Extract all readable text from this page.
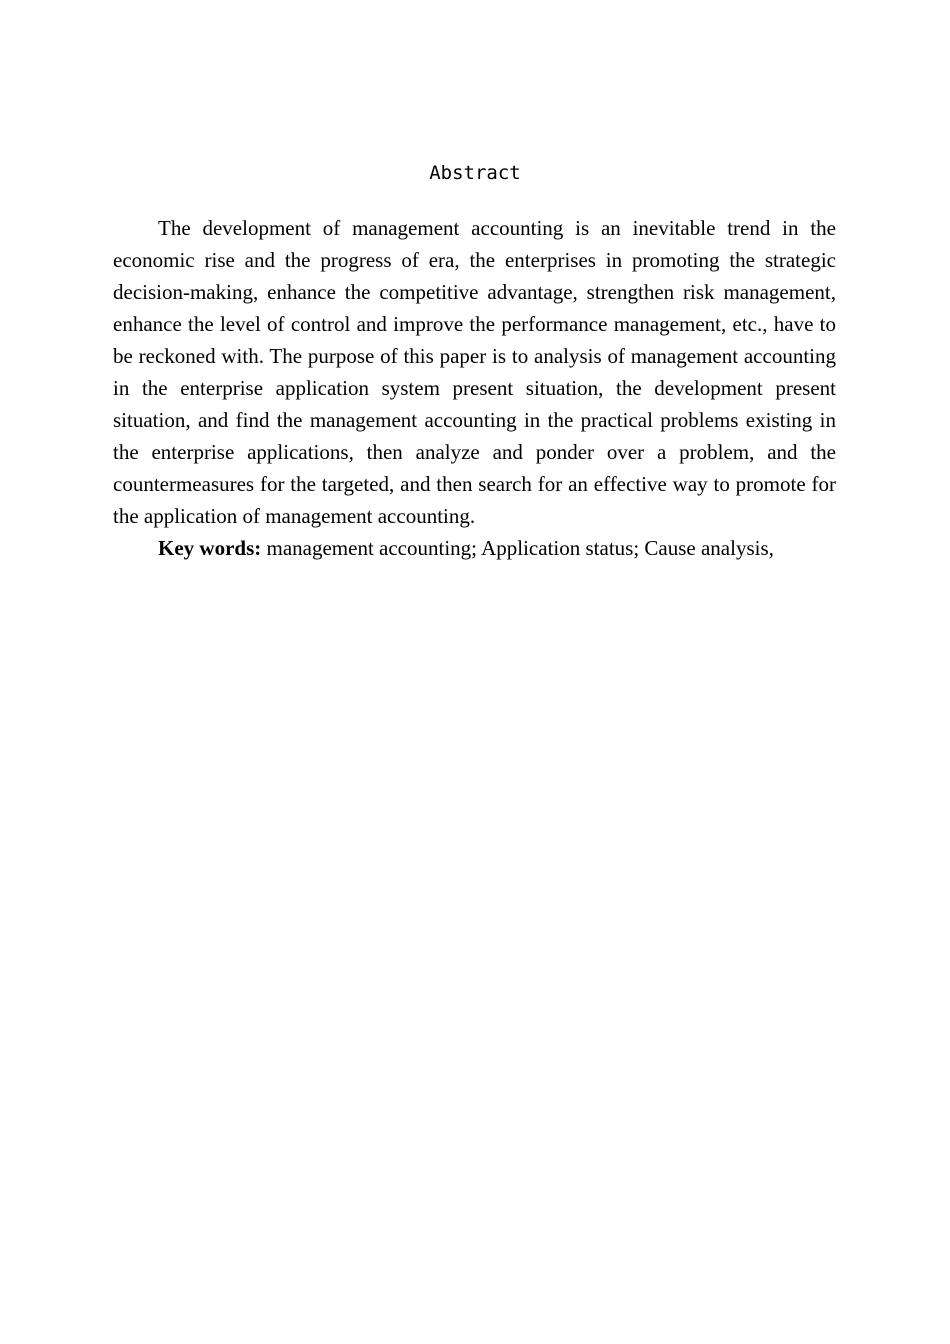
Abstract

The development of management accounting is an inevitable trend in the economic rise and the progress of era, the enterprises in promoting the strategic decision-making, enhance the competitive advantage, strengthen risk management, enhance the level of control and improve the performance management, etc., have to be reckoned with. The purpose of this paper is to analysis of management accounting in the enterprise application system present situation, the development present situation, and find the management accounting in the practical problems existing in the enterprise applications, then analyze and ponder over a problem, and the countermeasures for the targeted, and then search for an effective way to promote for the application of management accounting.

Key words: management accounting; Application status; Cause analysis,
